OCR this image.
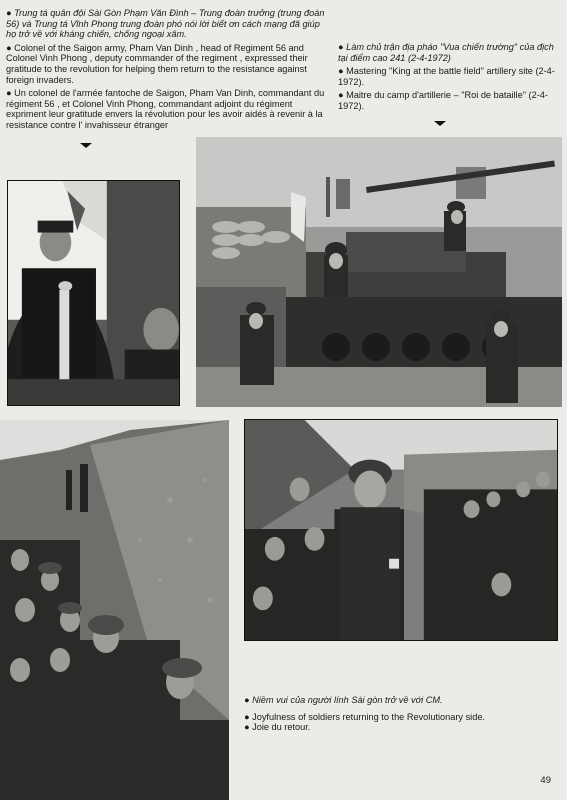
● Trung tá quân đội Sài Gòn Phạm Văn Đình – Trung đoàn trưởng (trung đoàn 56) và Trung tá Vĩnh Phong trung đoàn phó nói lời biết ơn cách mạng đã giúp họ trở về với kháng chiến, chống ngoại xâm.

● Colonel of the Saigon army, Pham Van Dinh , head of Regiment 56 and Colonel Vinh Phong , deputy commander of the regiment , expressed their gratitude to the revolution for helping them return to the resistance against foreign invaders.

● Un colonel de l'armée fantoche de Saigon, Pham Van Dinh, commandant du régiment 56 , et Colonel Vinh Phong, commandant adjoint du régiment expriment leur gratitude envers la révolution pour les avoir aidés à revenir à la resistance contre l' invahisseur étranger

● Làm chủ trận địa pháo "Vua chiến trường" của địch tại điểm cao 241 (2-4-1972)

● Mastering "King at the battle field" artillery site (2-4-1972).

● Maitre du camp d'artillerie – "Roi de bataille" (2-4-1972).

● Niềm vui của người lính Sài gòn trở về với CM.

● Joyfulness of soldiers returning to the Revolutionary side.

● Joie du retour.

49
